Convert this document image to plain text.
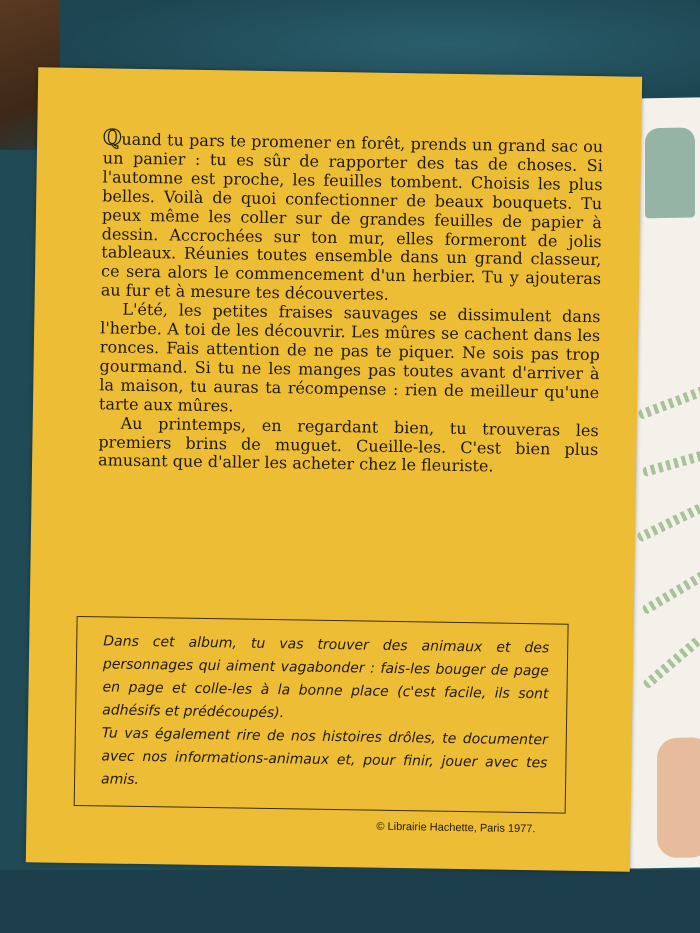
Quand tu pars te promener en forêt, prends un grand sac ou un panier : tu es sûr de rapporter des tas de choses. Si l'automne est proche, les feuilles tombent. Choisis les plus belles. Voilà de quoi confectionner de beaux bouquets. Tu peux même les coller sur de grandes feuilles de papier à dessin. Accrochées sur ton mur, elles formeront de jolis tableaux. Réunies toutes ensemble dans un grand classeur, ce sera alors le commencement d'un herbier. Tu y ajouteras au fur et à mesure tes découvertes.

L'été, les petites fraises sauvages se dissimulent dans l'herbe. A toi de les découvrir. Les mûres se cachent dans les ronces. Fais attention de ne pas te piquer. Ne sois pas trop gourmand. Si tu ne les manges pas toutes avant d'arriver à la maison, tu auras ta récompense : rien de meilleur qu'une tarte aux mûres.

Au printemps, en regardant bien, tu trouveras les premiers brins de muguet. Cueille-les. C'est bien plus amusant que d'aller les acheter chez le fleuriste.

Dans cet album, tu vas trouver des animaux et des personnages qui aiment vagabonder : fais-les bouger de page en page et colle-les à la bonne place (c'est facile, ils sont adhésifs et prédécoupés).

Tu vas également rire de nos histoires drôles, te documenter avec nos informations-animaux et, pour finir, jouer avec tes amis.

© Librairie Hachette, Paris 1977.
